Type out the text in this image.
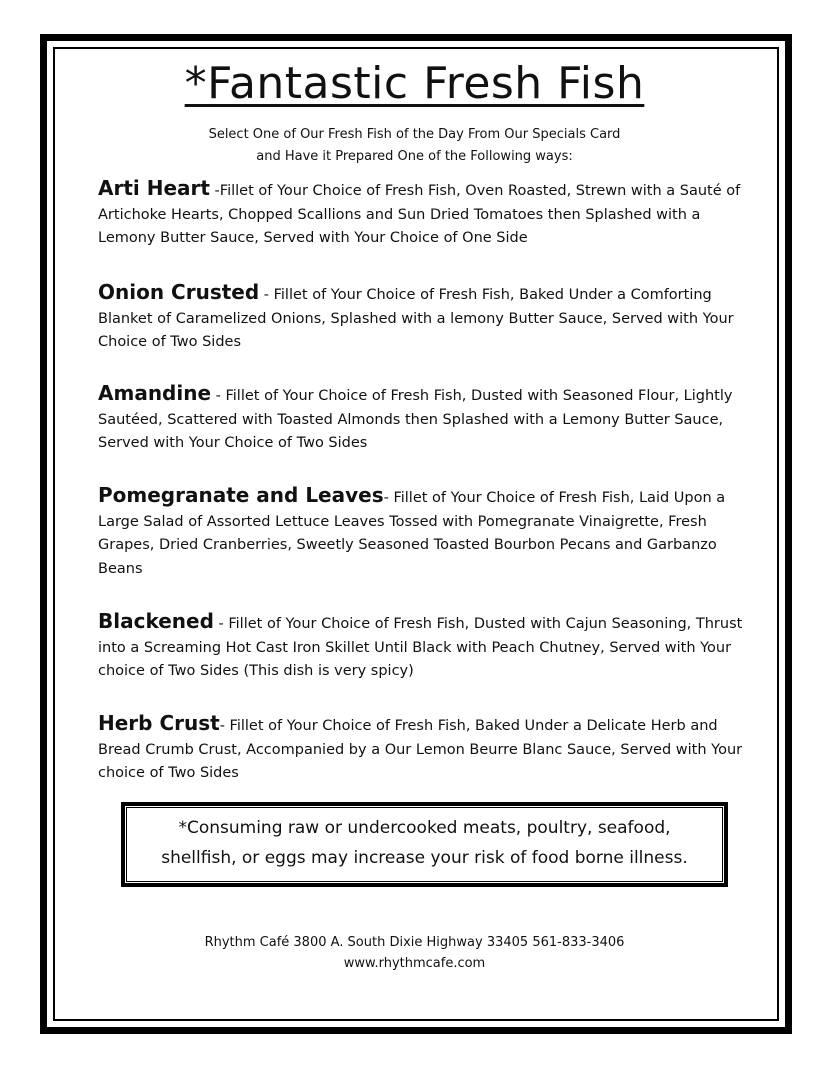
*Fantastic Fresh Fish
Select One of Our Fresh Fish of the Day From Our Specials Card
and Have it Prepared One of the Following ways:
Arti Heart -Fillet of Your Choice of Fresh Fish, Oven Roasted, Strewn with a Sauté of Artichoke Hearts, Chopped Scallions and Sun Dried Tomatoes then Splashed with a Lemony Butter Sauce, Served with Your Choice of One Side
Onion Crusted - Fillet of Your Choice of Fresh Fish, Baked Under a Comforting Blanket of Caramelized Onions, Splashed with a lemony Butter Sauce, Served with Your Choice of Two Sides
Amandine - Fillet of Your Choice of Fresh Fish, Dusted with Seasoned Flour, Lightly Sautéed, Scattered with Toasted Almonds then Splashed with a Lemony Butter Sauce, Served with Your Choice of Two Sides
Pomegranate and Leaves- Fillet of Your Choice of Fresh Fish, Laid Upon a Large Salad of Assorted Lettuce Leaves Tossed with Pomegranate Vinaigrette, Fresh Grapes, Dried Cranberries, Sweetly Seasoned Toasted Bourbon Pecans and Garbanzo Beans
Blackened - Fillet of Your Choice of Fresh Fish, Dusted with Cajun Seasoning, Thrust into a Screaming Hot Cast Iron Skillet Until Black with Peach Chutney, Served with Your choice of Two Sides (This dish is very spicy)
Herb Crust- Fillet of Your Choice of Fresh Fish, Baked Under a Delicate Herb and Bread Crumb Crust, Accompanied by a Our Lemon Beurre Blanc Sauce, Served with Your choice of Two Sides
*Consuming raw or undercooked meats, poultry, seafood,
shellfish, or eggs may increase your risk of food borne illness.
Rhythm Café 3800 A. South Dixie Highway 33405 561-833-3406
www.rhythmcafe.com
